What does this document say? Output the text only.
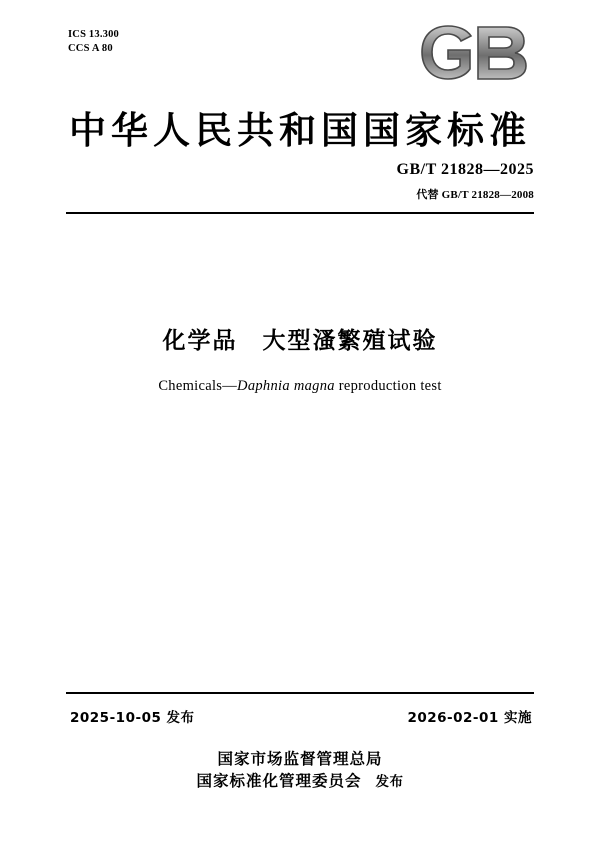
ICS 13.300
CCS A 80
中华人民共和国国家标准
GB/T 21828—2025
代替 GB/T 21828—2008
化学品　大型溞繁殖试验
Chemicals—Daphnia magna reproduction test
2025-10-05 发布	2026-02-01 实施
国家市场监督管理总局
国家标准化管理委员会 发布
